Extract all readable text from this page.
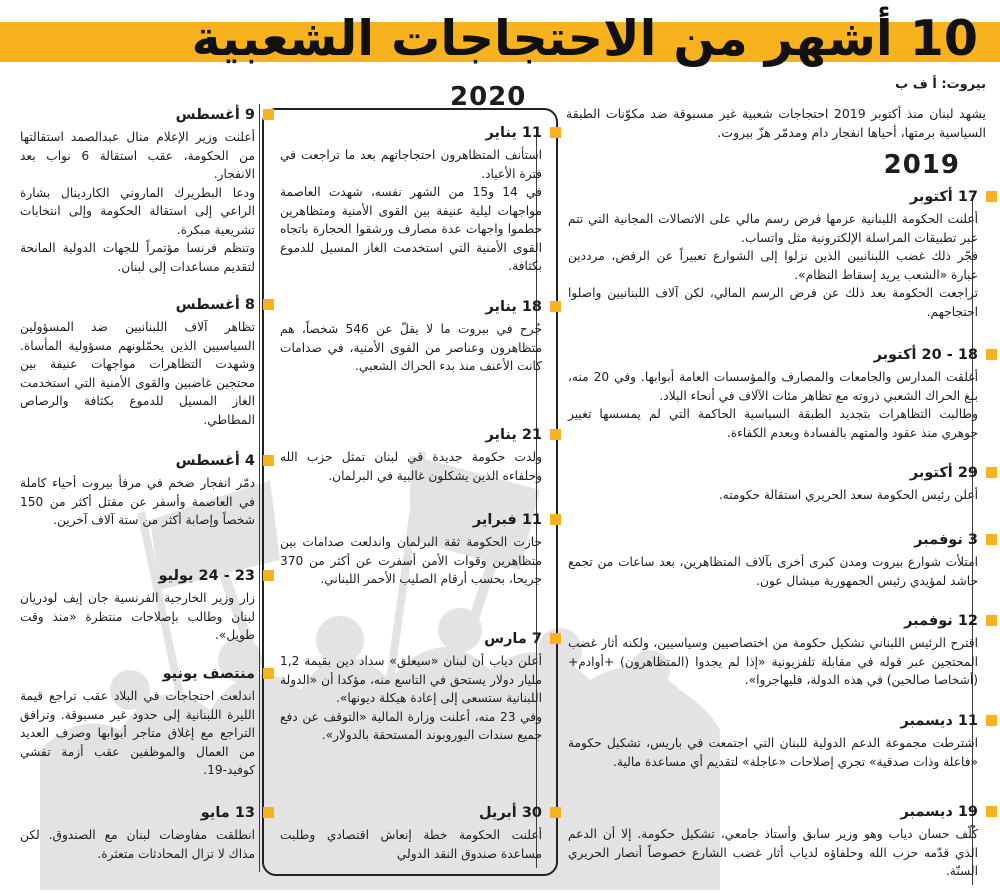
10 أشهر من الاحتجاجات الشعبية
بيروت: أ ف ب
يشهد لبنان منذ أكتوبر 2019 احتجاجات شعبية غير مسبوقة ضد مكوّنات الطبقة السياسية برمتها، أحياها انفجار دام ومدمّر هزّ بيروت.
2019
2020
17 أكتوبر

أعلنت الحكومة اللبنانية عزمها فرض رسم مالي على الاتصالات المجانية التي تتم عبر تطبيقات المراسلة الإلكترونية مثل واتساب.

فجّر ذلك غضب اللبنانيين الذين نزلوا إلى الشوارع تعبيراً عن الرفض، مرددين عبارة «الشعب يريد إسقاط النظام».

تراجعت الحكومة بعد ذلك عن فرض الرسم المالي، لكن آلاف اللبنانيين واصلوا احتجاجهم.

18 - 20 أكتوبر

أغلقت المدارس والجامعات والمصارف والمؤسسات العامة أبوابها. وفي 20 منه، بلغ الحراك الشعبي ذروته مع تظاهر مئات الآلاف في أنحاء البلاد.

وطالبت التظاهرات بتجديد الطبقة السياسية الحاكمة التي لم يمسسها تغيير جوهري منذ عقود والمتهم بالفسادة وبعدم الكفاءة.

29 أكتوبر

أعلن رئيس الحكومة سعد الحريري استقالة حكومته.

3 نوفمبر

امتلأت شوارع بيروت ومدن كبرى أخرى بآلاف المتظاهرين، بعد ساعات من تجمع حاشد لمؤيدي رئيس الجمهورية ميشال عون.

12 نوفمبر

اقترح الرئيس اللبناني تشكيل حكومة من اختصاصيين وسياسيين، ولكنه أثار غضب المحتجين عبر قوله في مقابلة تلفزيونية «إذا لم يجدوا (المتظاهرون) +أوادم+ (أشخاصا صالحين) في هذه الدولة، فليهاجروا».

11 ديسمبر

اشترطت مجموعة الدعم الدولية للبنان التي اجتمعت في باريس، تشكيل حكومة «فاعلة وذات صدقية» تجري إصلاحات «عاجلة» لتقديم أي مساعدة مالية.

19 ديسمبر

كُلّف حسان دياب وهو وزير سابق وأستاذ جامعي، تشكيل حكومة. إلا أن الدعم الذي قدّمه حزب الله وحلفاؤه لدياب أثار غضب الشارع خصوصاً أنصار الحريري السنّة.

11 يناير

استأنف المتظاهرون احتجاجاتهم بعد ما تراجعت في فترة الأعياد.

في 14 و15 من الشهر نفسه، شهدت العاصمة مواجهات ليلية عنيفة بين القوى الأمنية ومتظاهرين حطموا واجهات عدة مصارف ورشقوا الحجارة باتجاه القوى الأمنية التي استخدمت الغاز المسيل للدموع بكثافة.

18 يناير

جُرح في بيروت ما لا يقلّ عن 546 شخصاً، هم متظاهرون وعناصر من القوى الأمنية، في صدامات كانت الأعنف منذ بدء الحراك الشعبي.

21 يناير

ولدت حكومة جديدة في لبنان تمثل حزب الله وحلفاءه الذين يشكلون غالبية في البرلمان.

11 فبراير

حازت الحكومة ثقة البرلمان واندلعت صدامات بين متظاهرين وقوات الأمن أسفرت عن أكثر من 370 جريحا، بحسب أرقام الصليب الأحمر اللبناني.

7 مارس

أعلن دياب أن لبنان «سيعلق» سداد دين بقيمة 1,2 مليار دولار يستحق في التاسع منه، مؤكدا أن «الدولة اللبنانية ستسعى إلى إعادة هيكلة ديونها».

وفي 23 منه، أعلنت وزارة المالية «التوقف عن دفع جميع سندات اليوروبوند المستحقة بالدولار».

30 أبريل

أعلنت الحكومة خطة إنعاش اقتصادي وطلبت مساعدة صندوق النقد الدولي

9 أغسطس

أعلنت وزير الإعلام منال عبدالصمد استقالتها من الحكومة، عقب استقالة 6 نواب بعد الانفجار.

ودعا البطريرك الماروني الكاردينال بشارة الراعي إلى استقالة الحكومة وإلى انتخابات تشريعية مبكرة.

وتنظم فرنسا مؤتمراً للجهات الدولية المانحة لتقديم مساعدات إلى لبنان.

8 أغسطس

تظاهر آلاف اللبنانيين ضد المسؤولين السياسيين الذين يحمّلونهم مسؤولية المأساة. وشهدت التظاهرات مواجهات عنيفة بين محتجين غاضبين والقوى الأمنية التي استخدمت الغاز المسيل للدموع بكثافة والرصاص المطاطي.

4 أغسطس

دمّر انفجار ضخم في مرفأ بيروت أحياء كاملة في العاصمة وأسفر عن مقتل أكثر من 150 شخصاً وإصابة أكثر من ستة آلاف آخرين.

23 - 24 يوليو

زار وزير الخارجية الفرنسية جان إيف لودريان لبنان وطالب بإصلاحات منتظرة «منذ وقت طويل».

منتصف يونيو

اندلعت احتجاجات في البلاد عقب تراجع قيمة الليرة اللبنانية إلى حدود غير مسبوقة. وترافق التراجع مع إغلاق متاجر أبوابها وصرف العديد من العمال والموظفين عقب أزمة تفشي كوفيد-19.

13 مايو

انطلقت مفاوضات لبنان مع الصندوق. لكن مذاك لا تزال المحادثات متعثرة.
